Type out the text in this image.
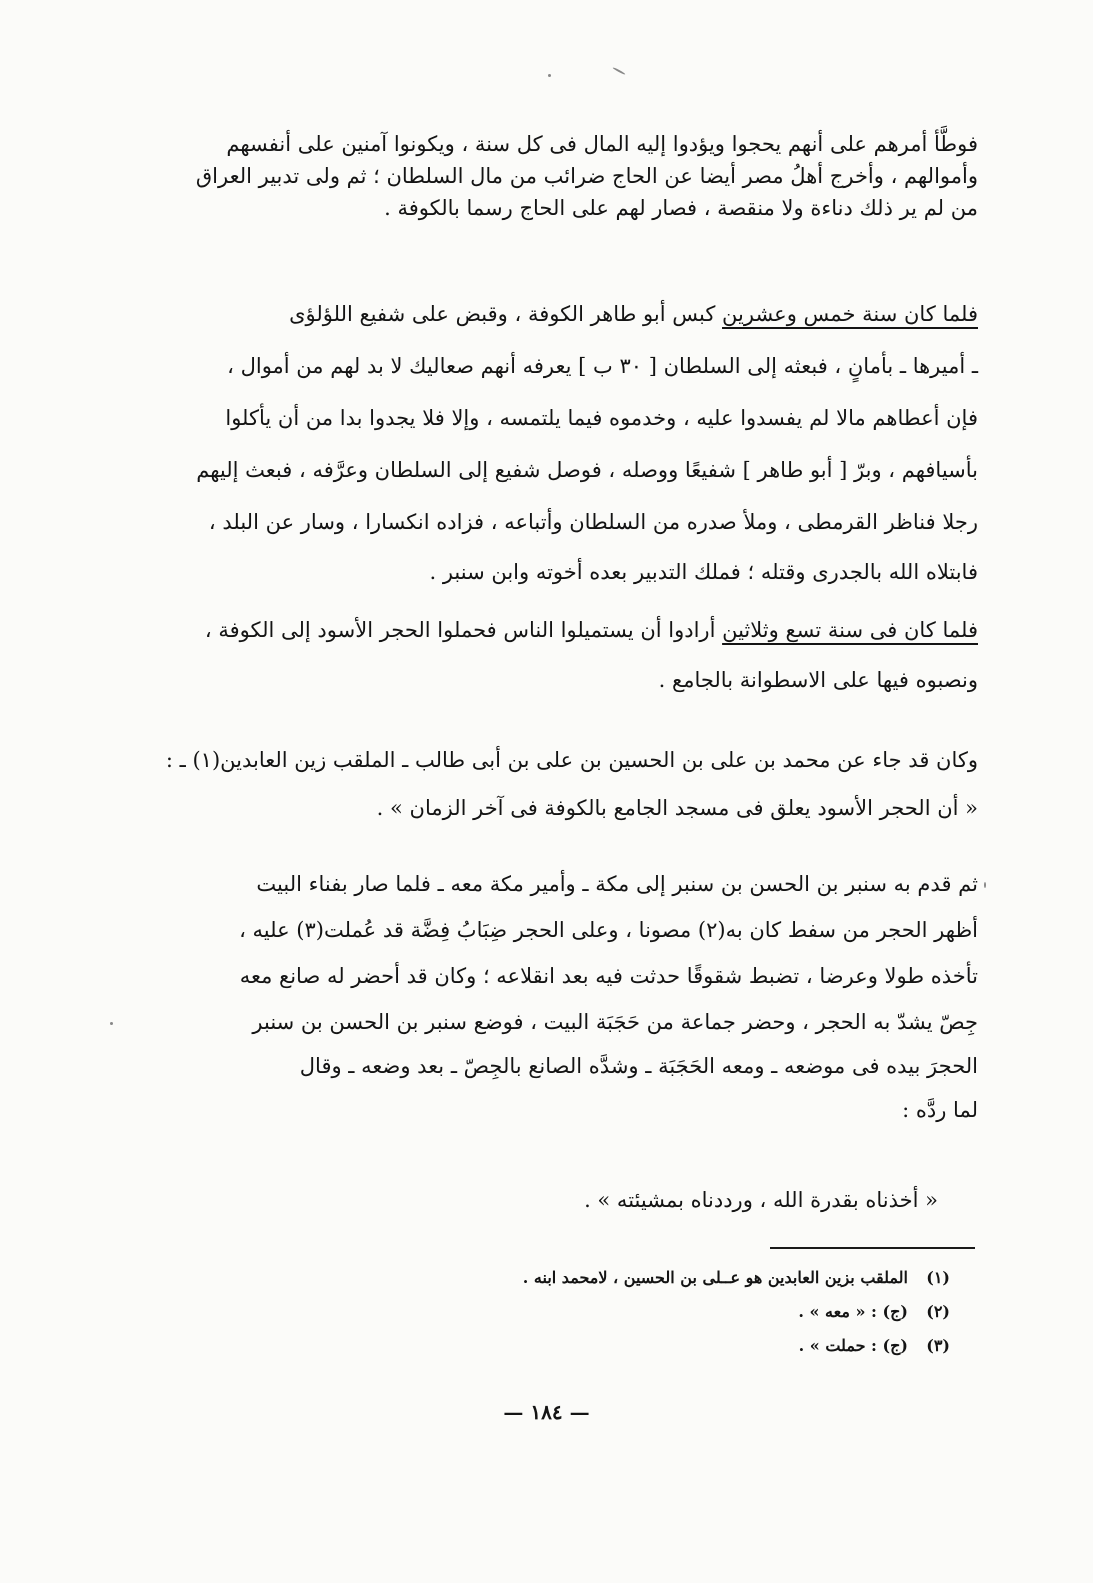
فوطَّأ أمرهم على أنهم يحجوا ويؤدوا إليه المال فى كل سنة ، ويكونوا آمنين على أنفسهم
وأموالهم ، وأخرج أهلُ مصر أيضا عن الحاج ضرائب من مال السلطان ؛ ثم ولى تدبير العراق
من لم ير ذلك دناءة ولا منقصة ، فصار لهم على الحاج رسما بالكوفة .
فلما كان سنة خمس وعشرين كبس أبو طاهر الكوفة ، وقبض على شفيع اللؤلؤى
ـ أميرها ـ بأمانٍ ، فبعثه إلى السلطان [ ٣٠ ب ] يعرفه أنهم صعاليك لا بد لهم من أموال ،
فإن أعطاهم مالا لم يفسدوا عليه ، وخدموه فيما يلتمسه ، وإلا فلا يجدوا بدا من أن يأكلوا
بأسيافهم ، وبرّ [ أبو طاهر ] شفيعًا ووصله ، فوصل شفيع إلى السلطان وعرَّفه ، فبعث إليهم
رجلا فناظر القرمطى ، وملأ صدره من السلطان وأتباعه ، فزاده انكسارا ، وسار عن البلد ،
فابتلاه الله بالجدرى وقتله ؛ فملك التدبير بعده أخوته وابن سنبر .
فلما كان فى سنة تسع وثلاثين أرادوا أن يستميلوا الناس فحملوا الحجر الأسود إلى الكوفة ،
ونصبوه فيها على الاسطوانة بالجامع .
وكان قد جاء عن محمد بن على بن الحسين بن على بن أبى طالب ـ الملقب زين العابدين(١) ـ :
« أن الحجر الأسود يعلق فى مسجد الجامع بالكوفة فى آخر الزمان » .
ثم قدم به سنبر بن الحسن بن سنبر إلى مكة ـ وأمير مكة معه ـ فلما صار بفناء البيت
أظهر الحجر من سفط كان به(٢) مصونا ، وعلى الحجر ضِبَابُ فِضَّة قد عُملت(٣) عليه ،
تأخذه طولا وعرضا ، تضبط شقوقًا حدثت فيه بعد انقلاعه ؛ وكان قد أحضر له صانع معه
جِصّ يشدّ به الحجر ، وحضر جماعة من حَجَبَة البيت ، فوضع سنبر بن الحسن بن سنبر
الحجرَ بيده فى موضعه ـ ومعه الحَجَبَة ـ وشدَّه الصانع بالجِصّ ـ بعد وضعه ـ وقال
لما ردَّه :
« أخذناه بقدرة الله ، ورددناه بمشيئته » .
(١)الملقب بزين العابدين هو عــلى بن الحسين ، لامحمد ابنه .
(٢)(ج) : « معه » .
(٣)(ج) : حملت » .
— ١٨٤ —
